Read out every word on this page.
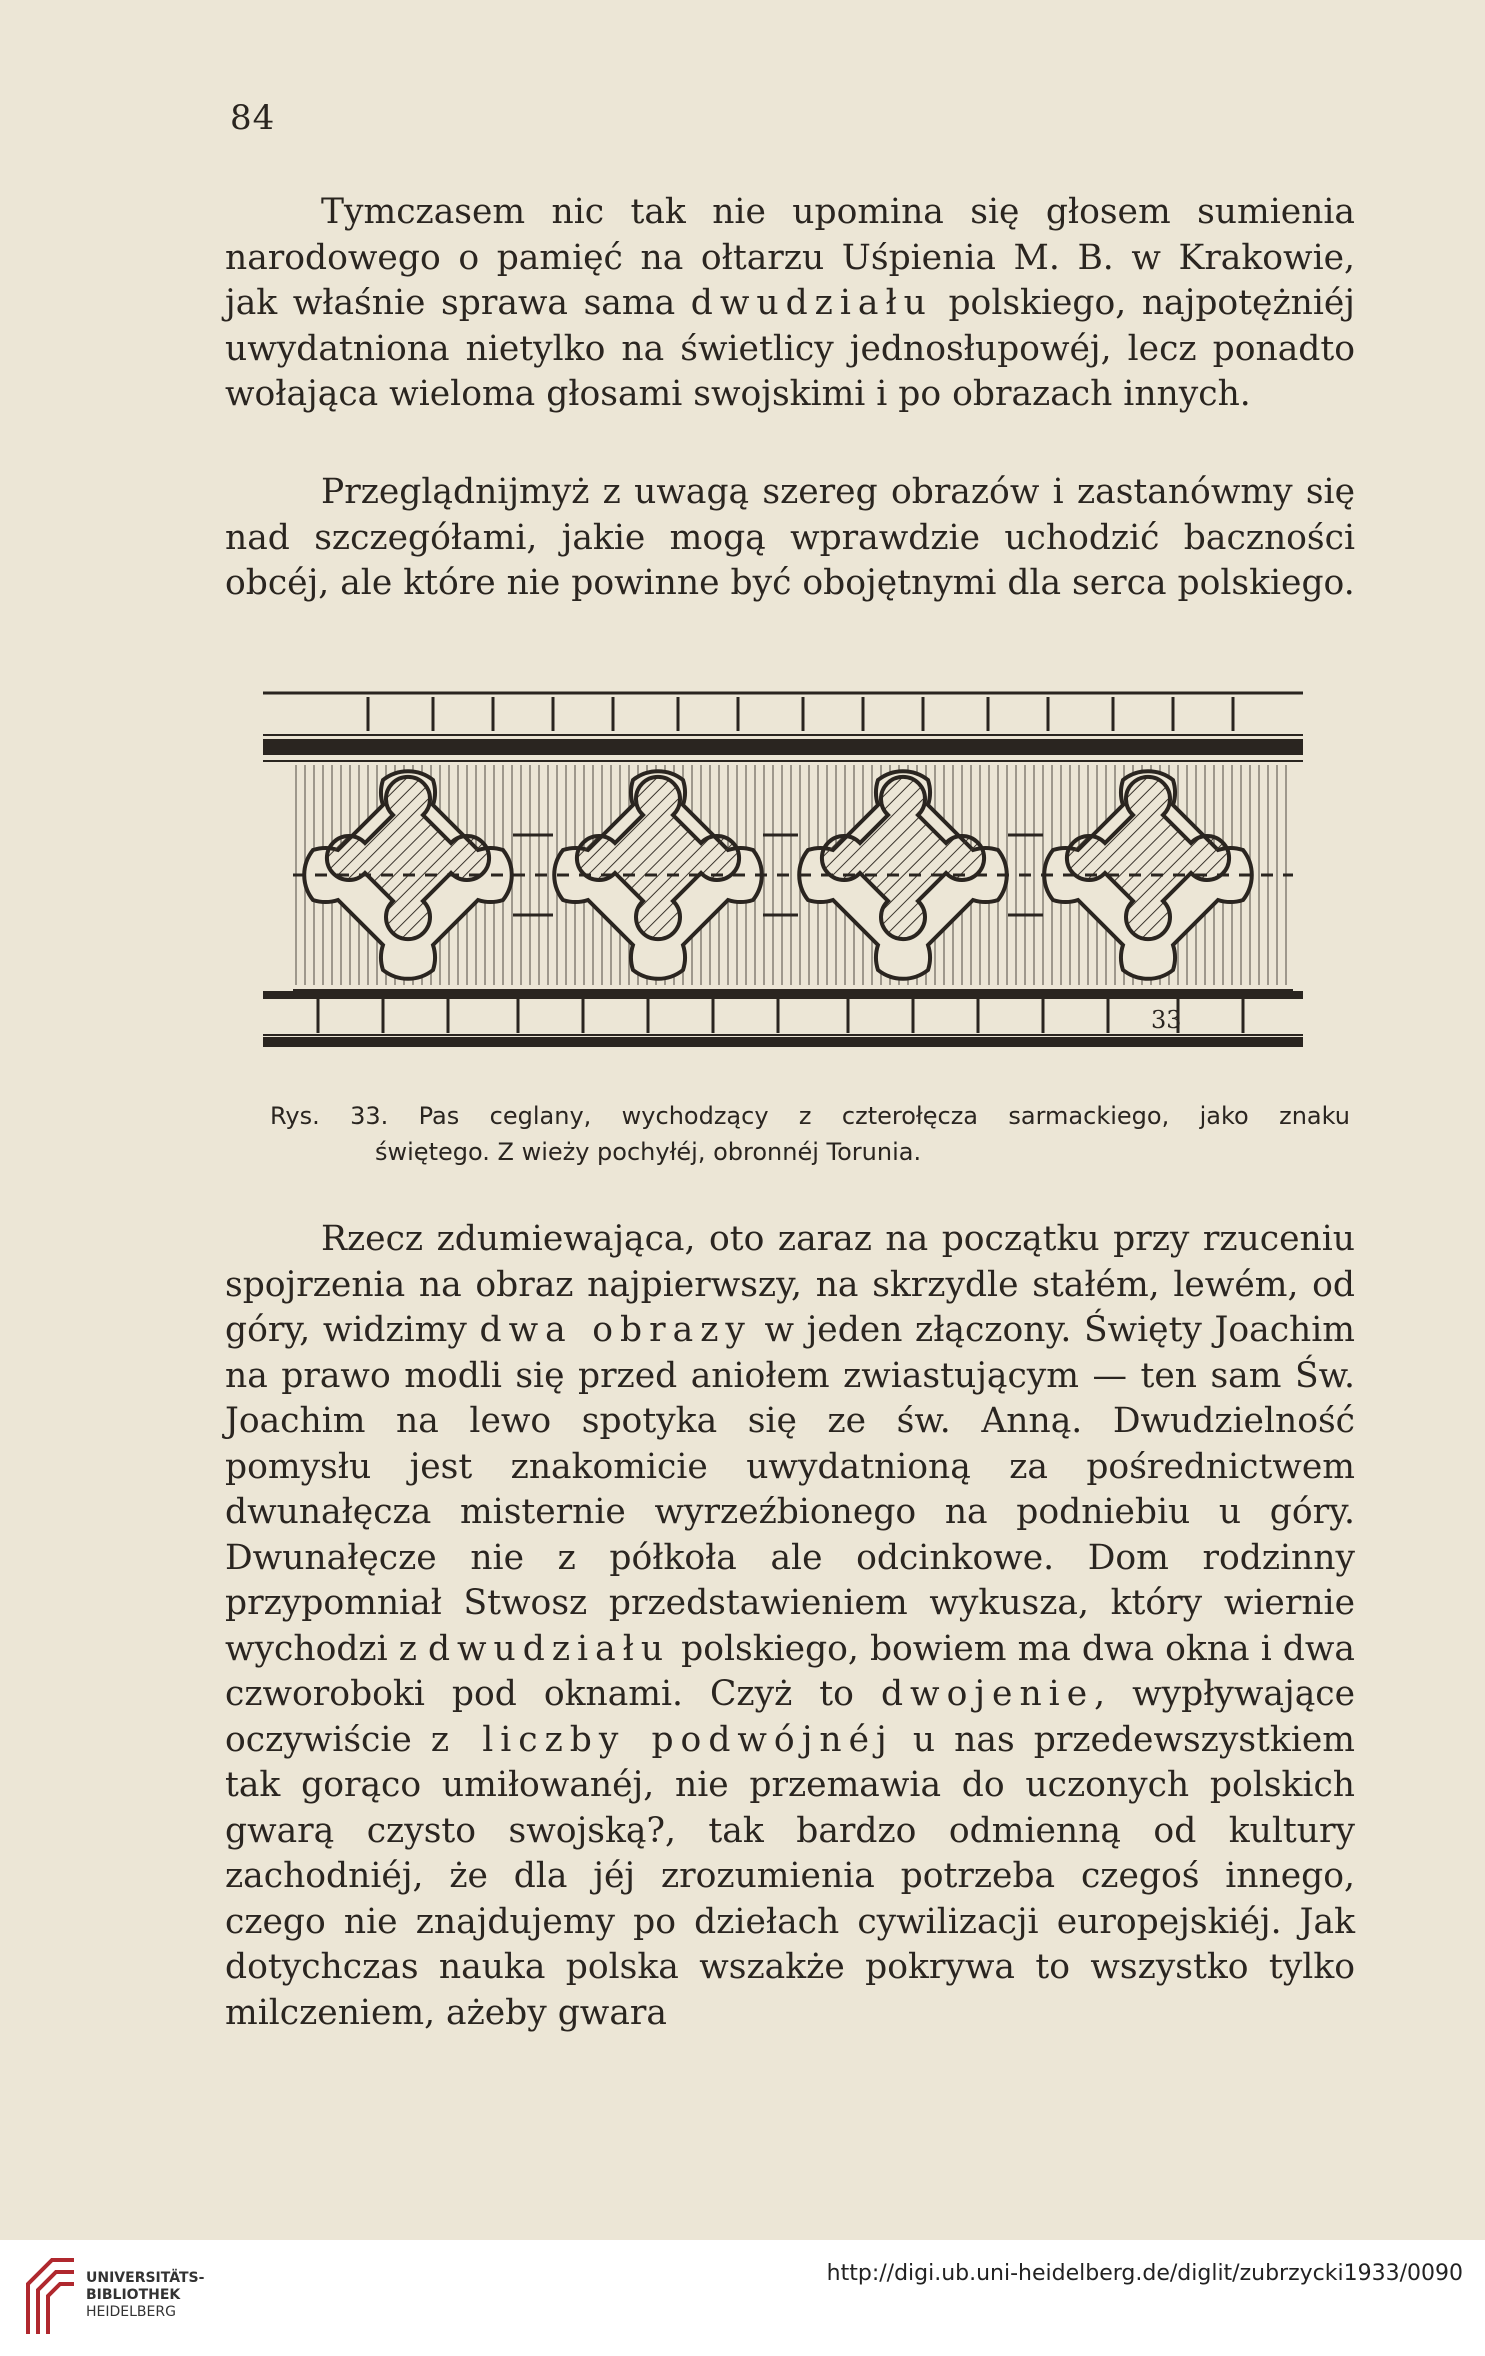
84
Tymczasem nic tak nie upomina się głosem sumienia narodowego o pamięć na ołtarzu Uśpienia M. B. w Krakowie, jak właśnie sprawa sama dwudziału polskiego, najpotężniéj uwydatniona nietylko na świetlicy jednosłupowéj, lecz ponadto wołająca wieloma głosami swojskimi i po obrazach innych.
Przeglądnijmyż z uwagą szereg obrazów i zastanówmy się nad szczegółami, jakie mogą wprawdzie uchodzić baczności obcéj, ale które nie powinne być obojętnymi dla serca polskiego.
33
Rys. 33. Pas ceglany, wychodzący z czterołęcza sarmackiego, jako znaku
świętego. Z wieży pochyłéj, obronnéj Torunia.
Rzecz zdumiewająca, oto zaraz na początku przy rzuceniu spojrzenia na obraz najpierwszy, na skrzydle stałém, lewém, od góry, widzimy dwa obrazy w jeden złączony. Święty Joachim na prawo modli się przed aniołem zwiastującym — ten sam Św. Joachim na lewo spotyka się ze św. Anną. Dwudzielność pomysłu jest znakomicie uwydatnioną za pośrednictwem dwunałęcza misternie wyrzeźbionego na podniebiu u góry. Dwunałęcze nie z półkoła ale odcinkowe. Dom rodzinny przypomniał Stwosz przedstawieniem wykusza, który wiernie wychodzi z dwudziału polskiego, bowiem ma dwa okna i dwa czworoboki pod oknami. Czyż to dwojenie, wypływające oczywiście z liczby podwójnéj u nas przedewszystkiem tak gorąco umiłowanéj, nie przemawia do uczonych polskich gwarą czysto swojską?, tak bardzo odmienną od kultury zachodniéj, że dla jéj zrozumienia potrzeba czegoś innego, czego nie znajdujemy po dziełach cywilizacji europejskiéj. Jak dotychczas nauka polska wszakże pokrywa to wszystko tylko milczeniem, ażeby gwara
UNIVERSITÄTS-
BIBLIOTHEK
HEIDELBERG
http://digi.ub.uni-heidelberg.de/diglit/zubrzycki1933/0090
